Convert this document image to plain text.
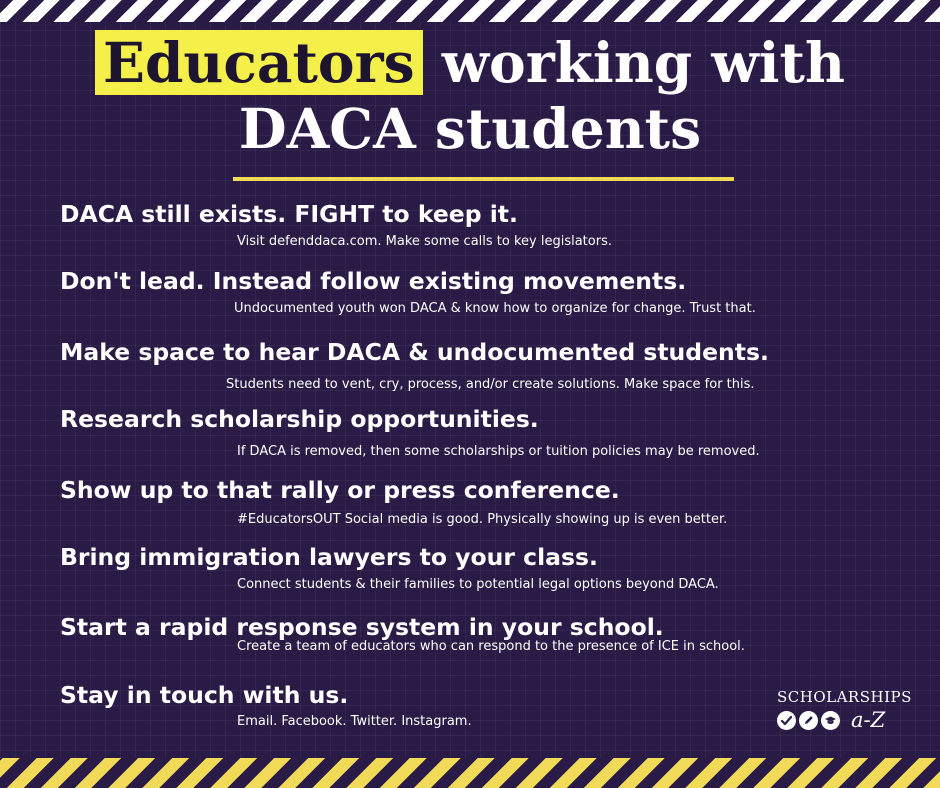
Educators working with
DACA students
DACA still exists. FIGHT to keep it.
Visit defenddaca.com. Make some calls to key legislators.
Don't lead. Instead follow existing movements.
Undocumented youth won DACA & know how to organize for change. Trust that.
Make space to hear DACA & undocumented students.
Students need to vent, cry, process, and/or create solutions. Make space for this.
Research scholarship opportunities.
If DACA is removed, then some scholarships or tuition policies may be removed.
Show up to that rally or press conference.
#EducatorsOUT Social media is good. Physically showing up is even better.
Bring immigration lawyers to your class.
Connect students & their families to potential legal options beyond DACA.
Start a rapid response system in your school.
Create a team of educators who can respond to the presence of ICE in school.
Stay in touch with us.
Email. Facebook. Twitter. Instagram.
SCHOLARSHIPS
a-Z
